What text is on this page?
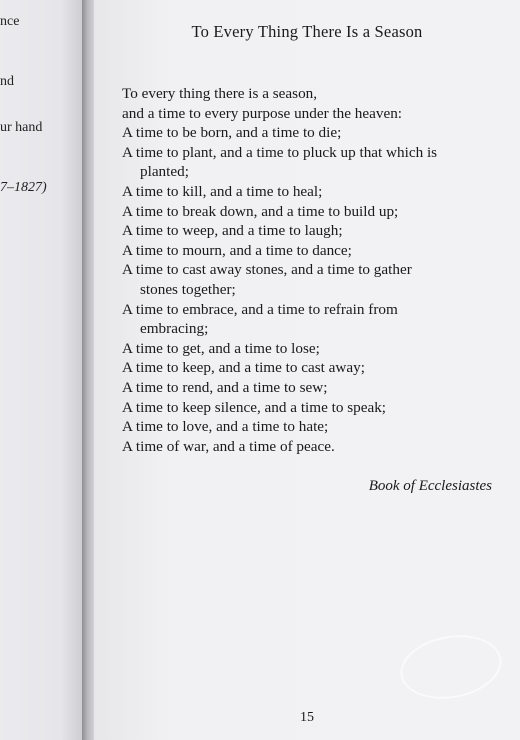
nce
nd
ur hand
7–1827)

To Every Thing There Is a Season
To every thing there is a season,
and a time to every purpose under the heaven:
A time to be born, and a time to die;
A time to plant, and a time to pluck up that which is
planted;
A time to kill, and a time to heal;
A time to break down, and a time to build up;
A time to weep, and a time to laugh;
A time to mourn, and a time to dance;
A time to cast away stones, and a time to gather
stones together;
A time to embrace, and a time to refrain from
embracing;
A time to get, and a time to lose;
A time to keep, and a time to cast away;
A time to rend, and a time to sew;
A time to keep silence, and a time to speak;
A time to love, and a time to hate;
A time of war, and a time of peace.
Book of Ecclesiastes
15
